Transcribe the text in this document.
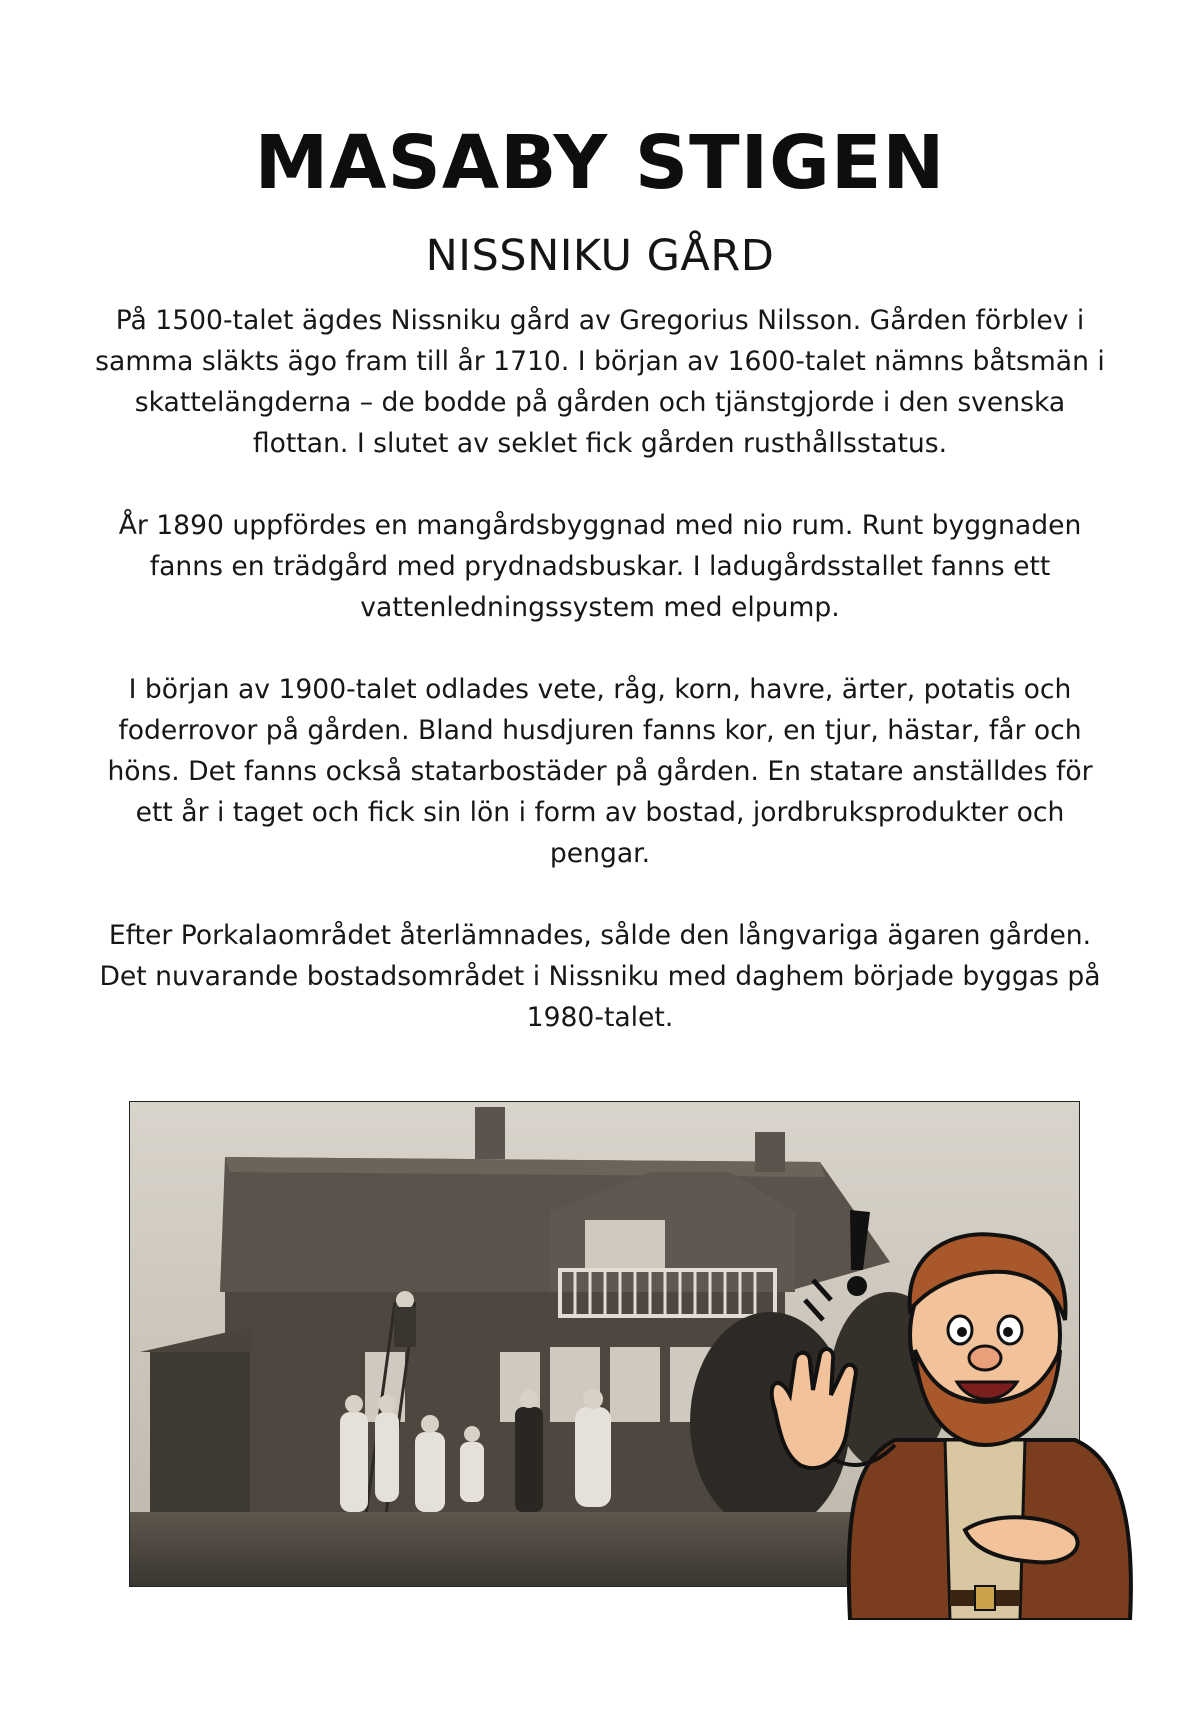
MASABY STIGEN
NISSNIKU GÅRD

På 1500-talet ägdes Nissniku gård av Gregorius Nilsson. Gården förblev i samma släkts ägo fram till år 1710. I början av 1600-talet nämns båtsmän i skattelängderna – de bodde på gården och tjänstgjorde i den svenska flottan. I slutet av seklet fick gården rusthållsstatus.

År 1890 uppfördes en mangårdsbyggnad med nio rum. Runt byggnaden fanns en trädgård med prydnadsbuskar. I ladugårdsstallet fanns ett vattenledningssystem med elpump.

I början av 1900-talet odlades vete, råg, korn, havre, ärter, potatis och foderrovor på gården. Bland husdjuren fanns kor, en tjur, hästar, får och höns. Det fanns också statarbostäder på gården. En statare anställdes för ett år i taget och fick sin lön i form av bostad, jordbruksprodukter och pengar.

Efter Porkalaområdet återlämnades, sålde den långvariga ägaren gården. Det nuvarande bostadsområdet i Nissniku med daghem började byggas på 1980-talet.
